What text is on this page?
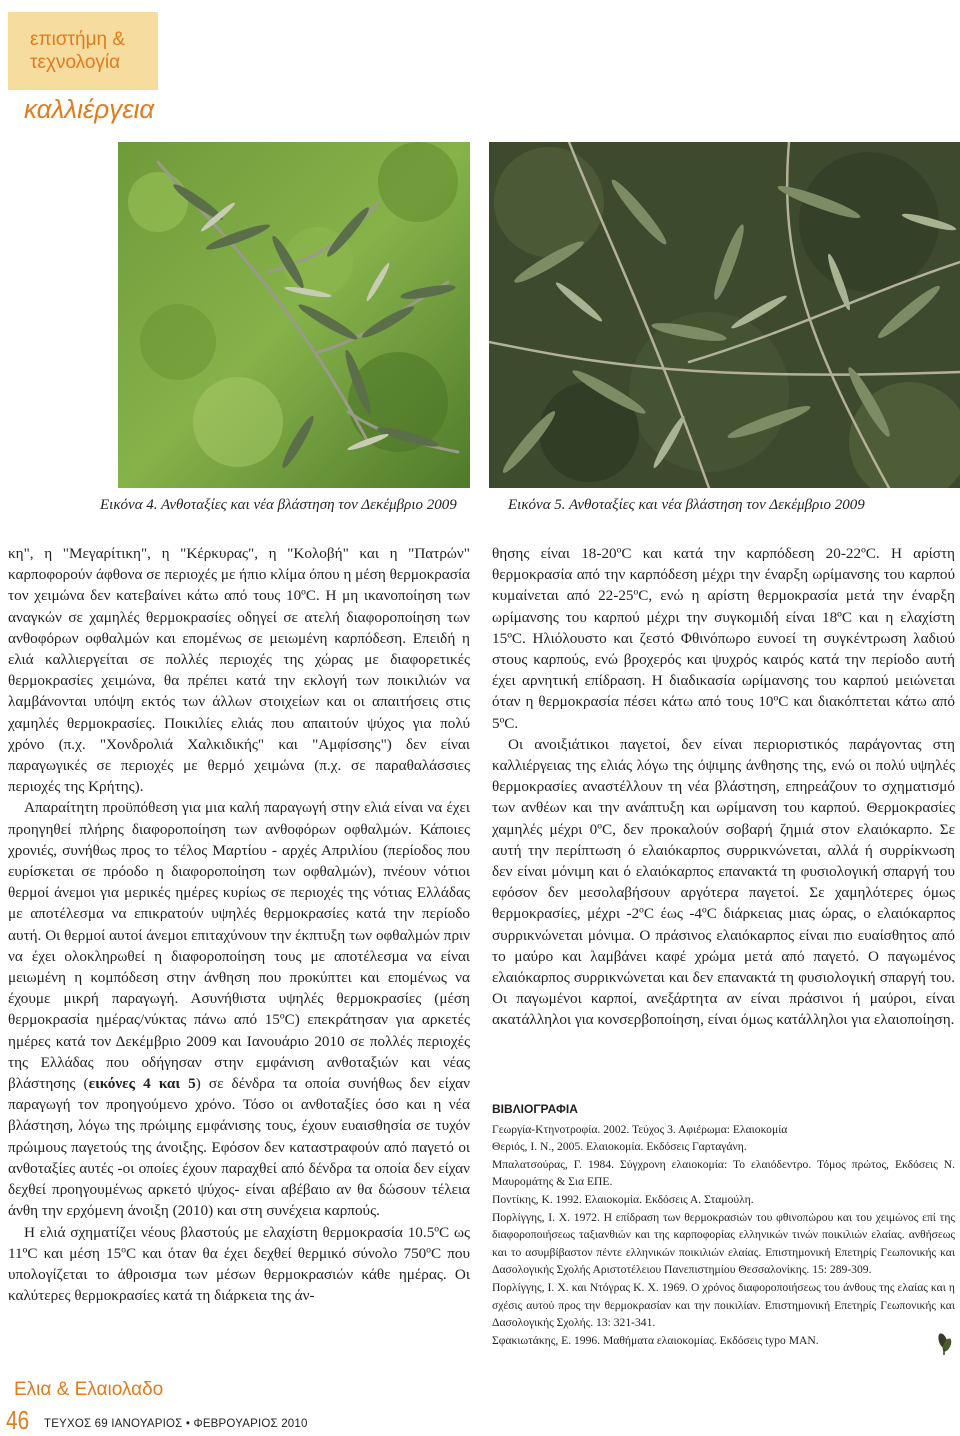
επιστήμη &
τεχνολογία
καλλιέργεια
Εικόνα 4. Ανθοταξίες και νέα βλάστηση τον Δεκέμβριο 2009	Εικόνα 5. Ανθοταξίες και νέα βλάστηση τον Δεκέμβριο 2009

κη", η "Μεγαρίτικη", η "Κέρκυρας", η "Κολοβή" και η "Πατρών" καρποφορούν άφθονα σε περιοχές με ήπιο κλίμα όπου η μέση θερμοκρασία τον χειμώνα δεν κατεβαίνει κάτω από τους 10ºC. Η μη ικανοποίηση των αναγκών σε χαμηλές θερμοκρασίες οδηγεί σε ατελή διαφοροποίηση των ανθοφόρων οφθαλμών και επομένως σε μειωμένη καρπόδεση. Επειδή η ελιά καλλιεργείται σε πολλές περιοχές της χώρας με διαφορετικές θερμοκρασίες χειμώνα, θα πρέπει κατά την εκλογή των ποικιλιών να λαμβάνονται υπόψη εκτός των άλλων στοιχείων και οι απαιτήσεις στις χαμηλές θερμοκρασίες. Ποικιλίες ελιάς που απαιτούν ψύχος για πολύ χρόνο (π.χ. "Χονδρολιά Χαλκιδικής" και "Αμφίσσης") δεν είναι παραγωγικές σε περιοχές με θερμό χειμώνα (π.χ. σε παραθαλάσσιες περιοχές της Κρήτης).

Απαραίτητη προϋπόθεση για μια καλή παραγωγή στην ελιά είναι να έχει προηγηθεί πλήρης διαφοροποίηση των ανθοφόρων οφθαλμών. Κάποιες χρονιές, συνήθως προς το τέλος Μαρτίου - αρχές Απριλίου (περίοδος που ευρίσκεται σε πρόοδο η διαφοροποίηση των οφθαλμών), πνέουν νότιοι θερμοί άνεμοι για μερικές ημέρες κυρίως σε περιοχές της νότιας Ελλάδας με αποτέλεσμα να επικρατούν υψηλές θερμοκρασίες κατά την περίοδο αυτή. Οι θερμοί αυτοί άνεμοι επιταχύνουν την έκπτυξη των οφθαλμών πριν να έχει ολοκληρωθεί η διαφοροποίηση τους με αποτέλεσμα να είναι μειωμένη η κομπόδεση στην άνθηση που προκύπτει και επομένως να έχουμε μικρή παραγωγή. Ασυνήθιστα υψηλές θερμοκρασίες (μέση θερμοκρασία ημέρας/νύκτας πάνω από 15ºC) επεκράτησαν για αρκετές ημέρες κατά τον Δεκέμβριο 2009 και Ιανουάριο 2010 σε πολλές περιοχές της Ελλάδας που οδήγησαν στην εμφάνιση ανθοταξιών και νέας βλάστησης (εικόνες 4 και 5) σε δένδρα τα οποία συνήθως δεν είχαν παραγωγή τον προηγούμενο χρόνο. Τόσο οι ανθοταξίες όσο και η νέα βλάστηση, λόγω της πρώιμης εμφάνισης τους, έχουν ευαισθησία σε τυχόν πρώιμους παγετούς της άνοιξης. Εφόσον δεν καταστραφούν από παγετό οι ανθοταξίες αυτές -οι οποίες έχουν παραχθεί από δένδρα τα οποία δεν είχαν δεχθεί προηγουμένως αρκετό ψύχος- είναι αβέβαιο αν θα δώσουν τέλεια άνθη την ερχόμενη άνοιξη (2010) και στη συνέχεια καρπούς.

Η ελιά σχηματίζει νέους βλαστούς με ελαχίστη θερμοκρασία 10.5ºC ως 11ºC και μέση 15ºC και όταν θα έχει δεχθεί θερμικό σύνολο 750ºC που υπολογίζεται το άθροισμα των μέσων θερμοκρασιών κάθε ημέρας. Οι καλύτερες θερμοκρασίες κατά τη διάρκεια της άν-

θησης είναι 18-20ºC και κατά την καρπόδεση 20-22ºC. Η αρίστη θερμοκρασία από την καρπόδεση μέχρι την έναρξη ωρίμανσης του καρπού κυμαίνεται από 22-25ºC, ενώ η αρίστη θερμοκρασία μετά την έναρξη ωρίμανσης του καρπού μέχρι την συγκομιδή είναι 18ºC και η ελαχίστη 15ºC. Ηλιόλουστο και ζεστό Φθινόπωρο ευνοεί τη συγκέντρωση λαδιού στους καρπούς, ενώ βροχερός και ψυχρός καιρός κατά την περίοδο αυτή έχει αρνητική επίδραση. Η διαδικασία ωρίμανσης του καρπού μειώνεται όταν η θερμοκρασία πέσει κάτω από τους 10ºC και διακόπτεται κάτω από 5ºC.

Οι ανοιξιάτικοι παγετοί, δεν είναι περιοριστικός παράγοντας στη καλλιέργειας της ελιάς λόγω της όψιμης άνθησης της, ενώ οι πολύ υψηλές θερμοκρασίες αναστέλλουν τη νέα βλάστηση, επηρεάζουν το σχηματισμό των ανθέων και την ανάπτυξη και ωρίμανση του καρπού. Θερμοκρασίες χαμηλές μέχρι 0ºC, δεν προκαλούν σοβαρή ζημιά στον ελαιόκαρπο. Σε αυτή την περίπτωση ό ελαιόκαρπος συρρικνώνεται, αλλά ή συρρίκνωση δεν είναι μόνιμη και ό ελαιόκαρπος επανακτά τη φυσιολογική σπαργή του εφόσον δεν μεσολαβήσουν αργότερα παγετοί. Σε χαμηλότερες όμως θερμοκρασίες, μέχρι -2ºC έως -4ºC διάρκειας μιας ώρας, ο ελαιόκαρπος συρρικνώνεται μόνιμα. Ο πράσινος ελαιόκαρπος είναι πιο ευαίσθητος από το μαύρο και λαμβάνει καφέ χρώμα μετά από παγετό. Ο παγωμένος ελαιόκαρπος συρρικνώνεται και δεν επανακτά τη φυσιολογική σπαργή του. Οι παγωμένοι καρποί, ανεξάρτητα αν είναι πράσινοι ή μαύροι, είναι ακατάλληλοι για κονσερβοποίηση, είναι όμως κατάλληλοι για ελαιοποίηση.

ΒΙΒΛΙΟΓΡΑΦΙΑ

Γεωργία-Κτηνοτροφία. 2002. Τεύχος 3. Αφιέρωμα: Ελαιοκομία

Θεριός, Ι. Ν., 2005. Ελαιοκομία. Εκδόσεις Γαρταγάνη.

Μπαλατσούρας, Γ. 1984. Σύγχρονη ελαιοκομία: Το ελαιόδεντρο. Τόμος πρώτος, Εκδόσεις Ν. Μαυρομάτης & Σια ΕΠΕ.

Ποντίκης, Κ. 1992. Ελαιοκομία. Εκδόσεις Α. Σταμούλη.

Πορλίγγης, Ι. Χ. 1972. Η επίδραση των θερμοκρασιών του φθινοπώρου και του χειμώνος επί της διαφοροποιήσεως ταξιανθιών και της καρποφορίας ελληνικών τινών ποικιλιών ελαίας. ανθήσεως και το ασυμβίβαστον πέντε ελληνικών ποικιλιών ελαίας. Επιστημονική Επετηρίς Γεωπονικής και Δασολογικής Σχολής Αριστοτέλειου Πανεπιστημίου Θεσσαλονίκης. 15: 289-309.

Πορλίγγης, Ι. Χ. και Ντόγρας Κ. Χ. 1969. Ο χρόνος διαφοροποιήσεως του άνθους της ελαίας και η σχέσις αυτού προς την θερμοκρασίαν και την ποικιλίαν. Επιστημονική Επετηρίς Γεωπονικής και Δασολογικής Σχολής. 13: 321-341.

Σφακιωτάκης, Ε. 1996. Μαθήματα ελαιοκομίας. Εκδόσεις typo MAN.

Ελια & Ελαιολαδο
46 ΤΕΥΧΟΣ 69 ΙΑΝΟΥΑΡΙΟΣ • ΦΕΒΡΟΥΑΡΙΟΣ 2010
